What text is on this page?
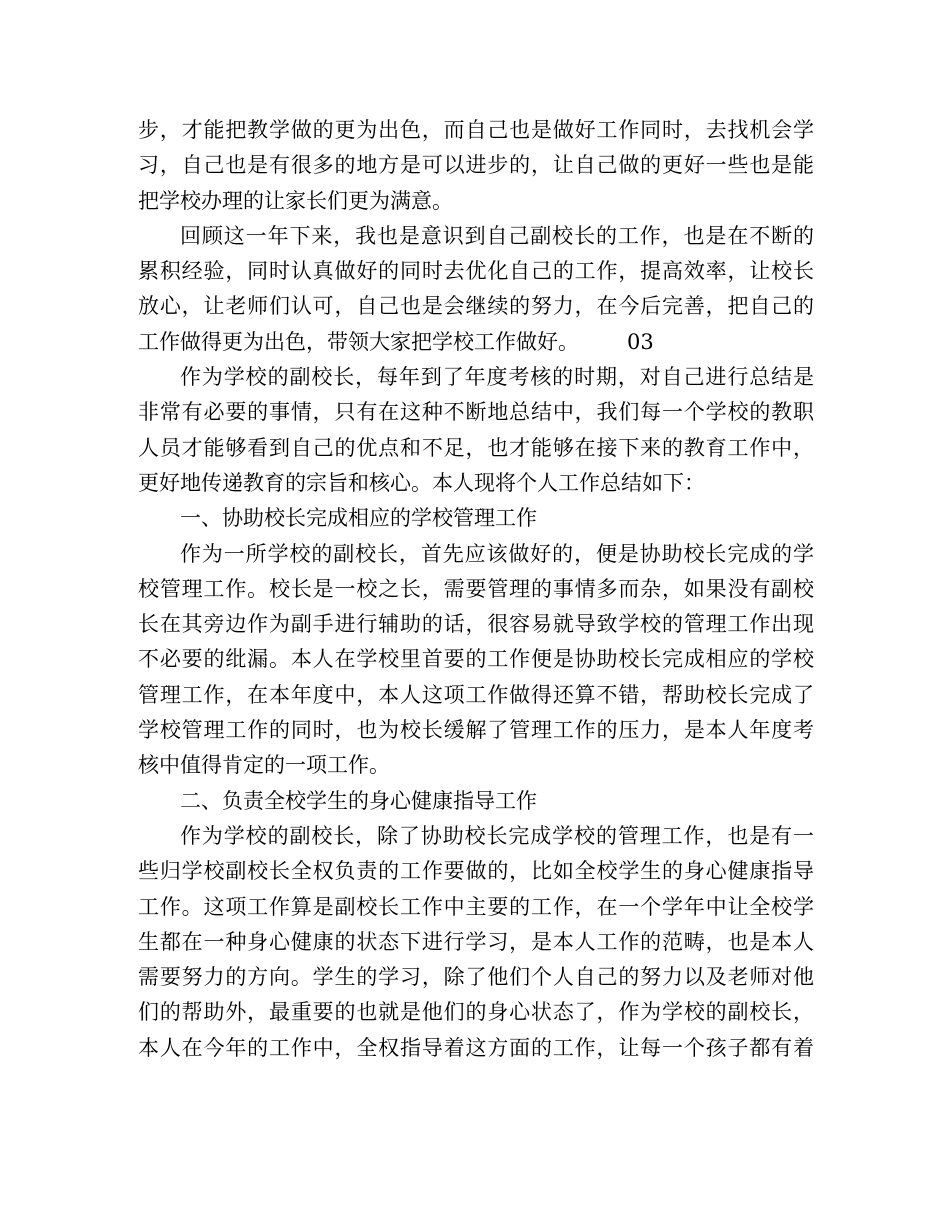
步，才能把教学做的更为出色，而自己也是做好工作同时，去找机会学
习，自己也是有很多的地方是可以进步的，让自己做的更好一些也是能
把学校办理的让家长们更为满意。
回顾这一年下来，我也是意识到自己副校长的工作，也是在不断的
累积经验，同时认真做好的同时去优化自己的工作，提高效率，让校长
放心，让老师们认可，自己也是会继续的努力，在今后完善，把自己的
工作做得更为出色，带领大家把学校工作做好。 03
作为学校的副校长，每年到了年度考核的时期，对自己进行总结是
非常有必要的事情，只有在这种不断地总结中，我们每一个学校的教职
人员才能够看到自己的优点和不足，也才能够在接下来的教育工作中，
更好地传递教育的宗旨和核心。本人现将个人工作总结如下：
一、协助校长完成相应的学校管理工作
作为一所学校的副校长，首先应该做好的，便是协助校长完成的学
校管理工作。校长是一校之长，需要管理的事情多而杂，如果没有副校
长在其旁边作为副手进行辅助的话，很容易就导致学校的管理工作出现
不必要的纰漏。本人在学校里首要的工作便是协助校长完成相应的学校
管理工作，在本年度中，本人这项工作做得还算不错，帮助校长完成了
学校管理工作的同时，也为校长缓解了管理工作的压力，是本人年度考
核中值得肯定的一项工作。
二、负责全校学生的身心健康指导工作
作为学校的副校长，除了协助校长完成学校的管理工作，也是有一
些归学校副校长全权负责的工作要做的，比如全校学生的身心健康指导
工作。这项工作算是副校长工作中主要的工作，在一个学年中让全校学
生都在一种身心健康的状态下进行学习，是本人工作的范畴，也是本人
需要努力的方向。学生的学习，除了他们个人自己的努力以及老师对他
们的帮助外，最重要的也就是他们的身心状态了，作为学校的副校长，
本人在今年的工作中，全权指导着这方面的工作，让每一个孩子都有着
